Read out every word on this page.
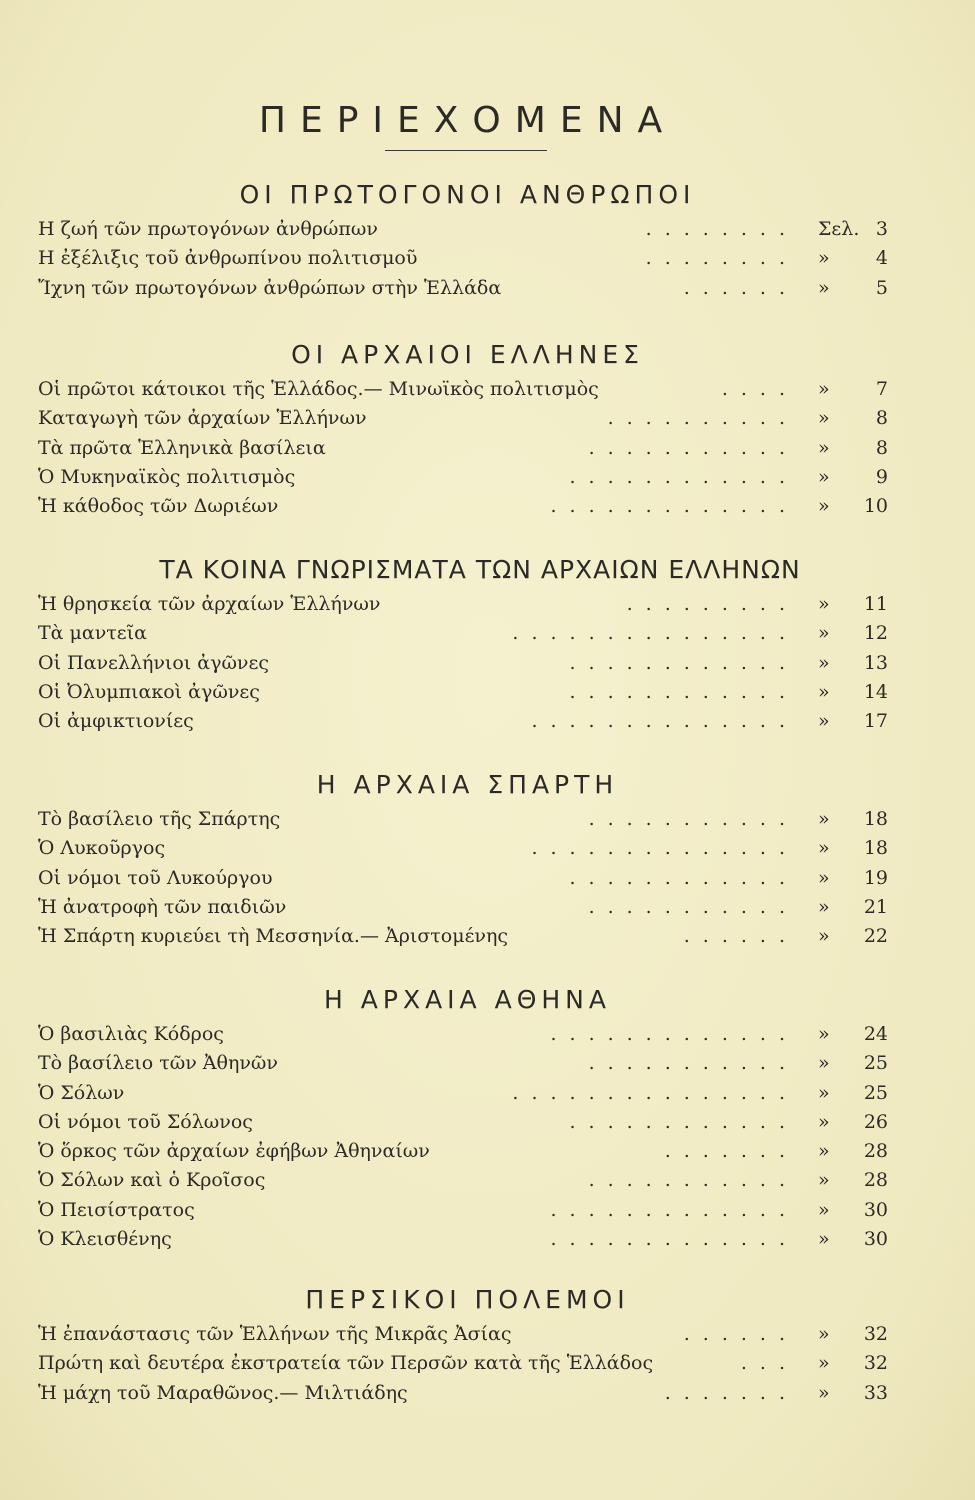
ΠΕΡΙΕΧΟΜΕΝΑ
ΟΙ ΠΡΩΤΟΓΟΝΟΙ ΑΝΘΡΩΠΟΙ
Η ζωή τῶν πρωτογόνων ἀνθρώπων	........ Σελ. 3
Η ἐξέλιξις τοῦ ἀνθρωπίνου πολιτισμοῦ	........ »	4
Ἴχνη τῶν πρωτογόνων ἀνθρώπων στὴν Ἑλλάδα	...... »	5
ΟΙ ΑΡΧΑΙΟΙ ΕΛΛΗΝΕΣ
Οἱ πρῶτοι κάτοικοι τῆς Ἑλλάδος.— Μινωϊκὸς πολιτισμὸς	.... »	7
Καταγωγὴ τῶν ἀρχαίων Ἑλλήνων	.......... »	8
Τὰ πρῶτα Ἑλληνικὰ βασίλεια	........... »	8
Ὁ Μυκηναϊκὸς πολιτισμὸς	............ »	9
Ἡ κάθοδος τῶν Δωριέων	............. »	10
ΤΑ ΚΟΙΝΑ ΓΝΩΡΙΣΜΑΤΑ ΤΩΝ ΑΡΧΑΙΩΝ ΕΛΛΗΝΩΝ
Ἡ θρησκεία τῶν ἀρχαίων Ἑλλήνων	......... »	11
Τὰ μαντεῖα	............... »	12
Οἱ Πανελλήνιοι ἀγῶνες	............ »	13
Οἱ Ὀλυμπιακοὶ ἀγῶνες	............ »	14
Οἱ ἀμφικτιονίες	.............. »	17
Η ΑΡΧΑΙΑ ΣΠΑΡΤΗ
Τὸ βασίλειο τῆς Σπάρτης	........... »	18
Ὁ Λυκοῦργος	.............. »	18
Οἱ νόμοι τοῦ Λυκούργου	............ »	19
Ἡ ἀνατροφὴ τῶν παιδιῶν	........... »	21
Ἡ Σπάρτη κυριεύει τὴ Μεσσηνία.— Ἀριστομένης	...... »	22
Η ΑΡΧΑΙΑ ΑΘΗΝΑ
Ὁ βασιλιὰς Κόδρος	............. »	24
Τὸ βασίλειο τῶν Ἀθηνῶν	........... »	25
Ὁ Σόλων	............... »	25
Οἱ νόμοι τοῦ Σόλωνος	............ »	26
Ὁ ὅρκος τῶν ἀρχαίων ἐφήβων Ἀθηναίων	....... »	28
Ὁ Σόλων καὶ ὁ Κροῖσος	........... »	28
Ὁ Πεισίστρατος	............. »	30
Ὁ Κλεισθένης	............. »	30
ΠΕΡΣΙΚΟΙ ΠΟΛΕΜΟΙ
Ἡ ἐπανάστασις τῶν Ἑλλήνων τῆς Μικρᾶς Ἀσίας	...... »	32
Πρώτη καὶ δευτέρα ἐκστρατεία τῶν Περσῶν κατὰ τῆς Ἑλλάδος	... »	32
Ἡ μάχη τοῦ Μαραθῶνος.— Μιλτιάδης	....... »	33
